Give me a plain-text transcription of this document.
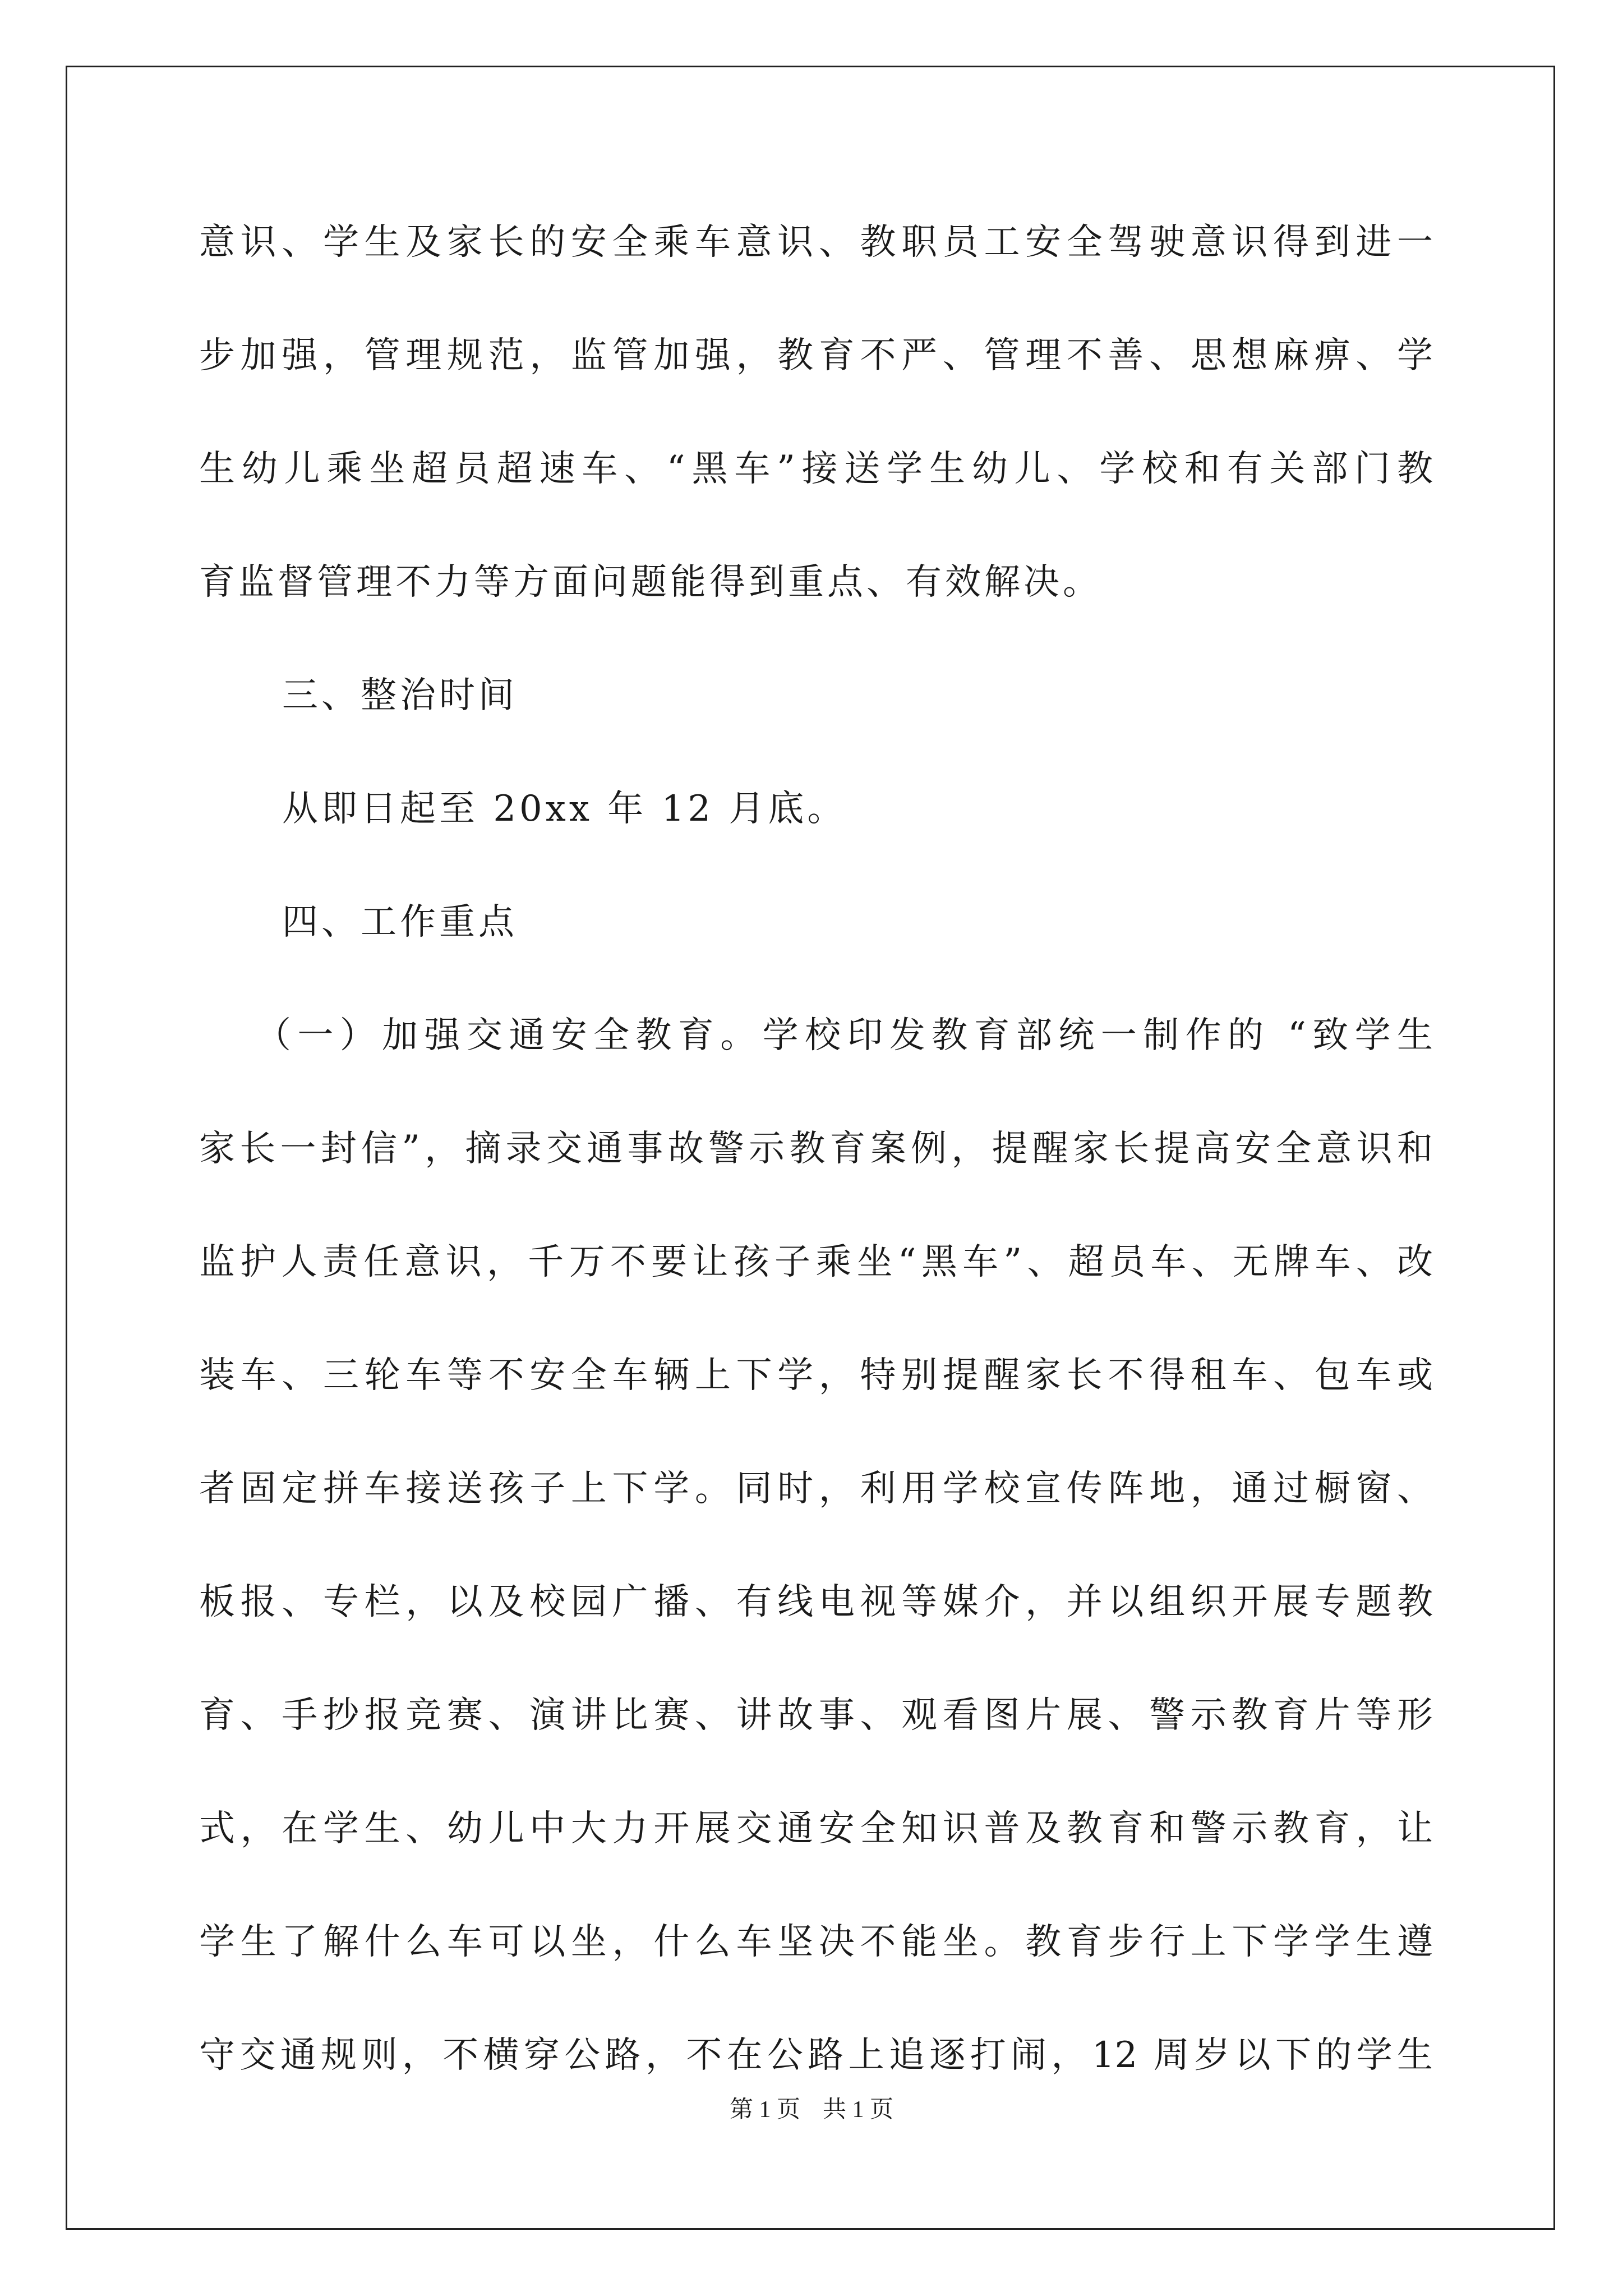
意识、学生及家长的安全乘车意识、教职员工安全驾驶意识得到进一
步加强，管理规范，监管加强，教育不严、管理不善、思想麻痹、学
生幼儿乘坐超员超速车、“黑车”接送学生幼儿、学校和有关部门教
育监督管理不力等方面问题能得到重点、有效解决。
三、整治时间
从即日起至 20xx 年 12 月底。
四、工作重点
（一）加强交通安全教育。学校印发教育部统一制作的 “致学生
家长一封信”，摘录交通事故警示教育案例，提醒家长提高安全意识和
监护人责任意识，千万不要让孩子乘坐“黑车”、超员车、无牌车、改
装车、三轮车等不安全车辆上下学，特别提醒家长不得租车、包车或
者固定拼车接送孩子上下学。同时，利用学校宣传阵地，通过橱窗、
板报、专栏，以及校园广播、有线电视等媒介，并以组织开展专题教
育、手抄报竞赛、演讲比赛、讲故事、观看图片展、警示教育片等形
式，在学生、幼儿中大力开展交通安全知识普及教育和警示教育，让
学生了解什么车可以坐，什么车坚决不能坐。教育步行上下学学生遵
守交通规则，不横穿公路，不在公路上追逐打闹，12 周岁以下的学生
第 1 页 共 1 页
